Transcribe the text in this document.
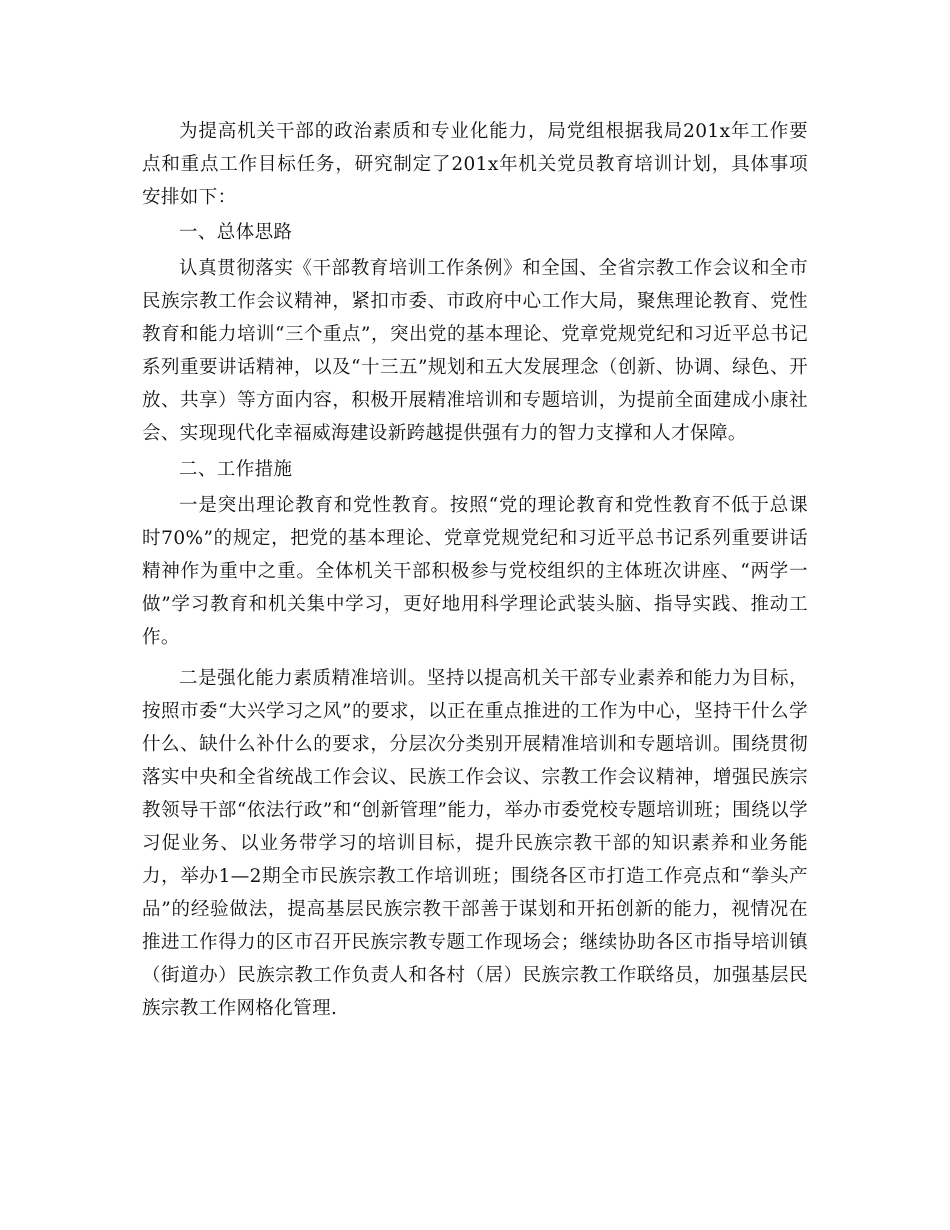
为提高机关干部的政治素质和专业化能力，局党组根据我局201x年工作要点和重点工作目标任务，研究制定了201x年机关党员教育培训计划，具体事项安排如下：

一、总体思路

认真贯彻落实《干部教育培训工作条例》和全国、全省宗教工作会议和全市民族宗教工作会议精神，紧扣市委、市政府中心工作大局，聚焦理论教育、党性教育和能力培训“三个重点”，突出党的基本理论、党章党规党纪和习近平总书记系列重要讲话精神，以及“十三五”规划和五大发展理念（创新、协调、绿色、开放、共享）等方面内容，积极开展精准培训和专题培训，为提前全面建成小康社会、实现现代化幸福威海建设新跨越提供强有力的智力支撑和人才保障。

二、工作措施

一是突出理论教育和党性教育。按照“党的理论教育和党性教育不低于总课时70%”的规定，把党的基本理论、党章党规党纪和习近平总书记系列重要讲话精神作为重中之重。全体机关干部积极参与党校组织的主体班次讲座、“两学一做”学习教育和机关集中学习，更好地用科学理论武装头脑、指导实践、推动工作。

二是强化能力素质精准培训。坚持以提高机关干部专业素养和能力为目标，按照市委“大兴学习之风”的要求，以正在重点推进的工作为中心，坚持干什么学什么、缺什么补什么的要求，分层次分类别开展精准培训和专题培训。围绕贯彻落实中央和全省统战工作会议、民族工作会议、宗教工作会议精神，增强民族宗教领导干部“依法行政”和“创新管理”能力，举办市委党校专题培训班；围绕以学习促业务、以业务带学习的培训目标，提升民族宗教干部的知识素养和业务能力，举办1—2期全市民族宗教工作培训班；围绕各区市打造工作亮点和“拳头产品”的经验做法，提高基层民族宗教干部善于谋划和开拓创新的能力，视情况在推进工作得力的区市召开民族宗教专题工作现场会；继续协助各区市指导培训镇（街道办）民族宗教工作负责人和各村（居）民族宗教工作联络员，加强基层民族宗教工作网格化管理.
